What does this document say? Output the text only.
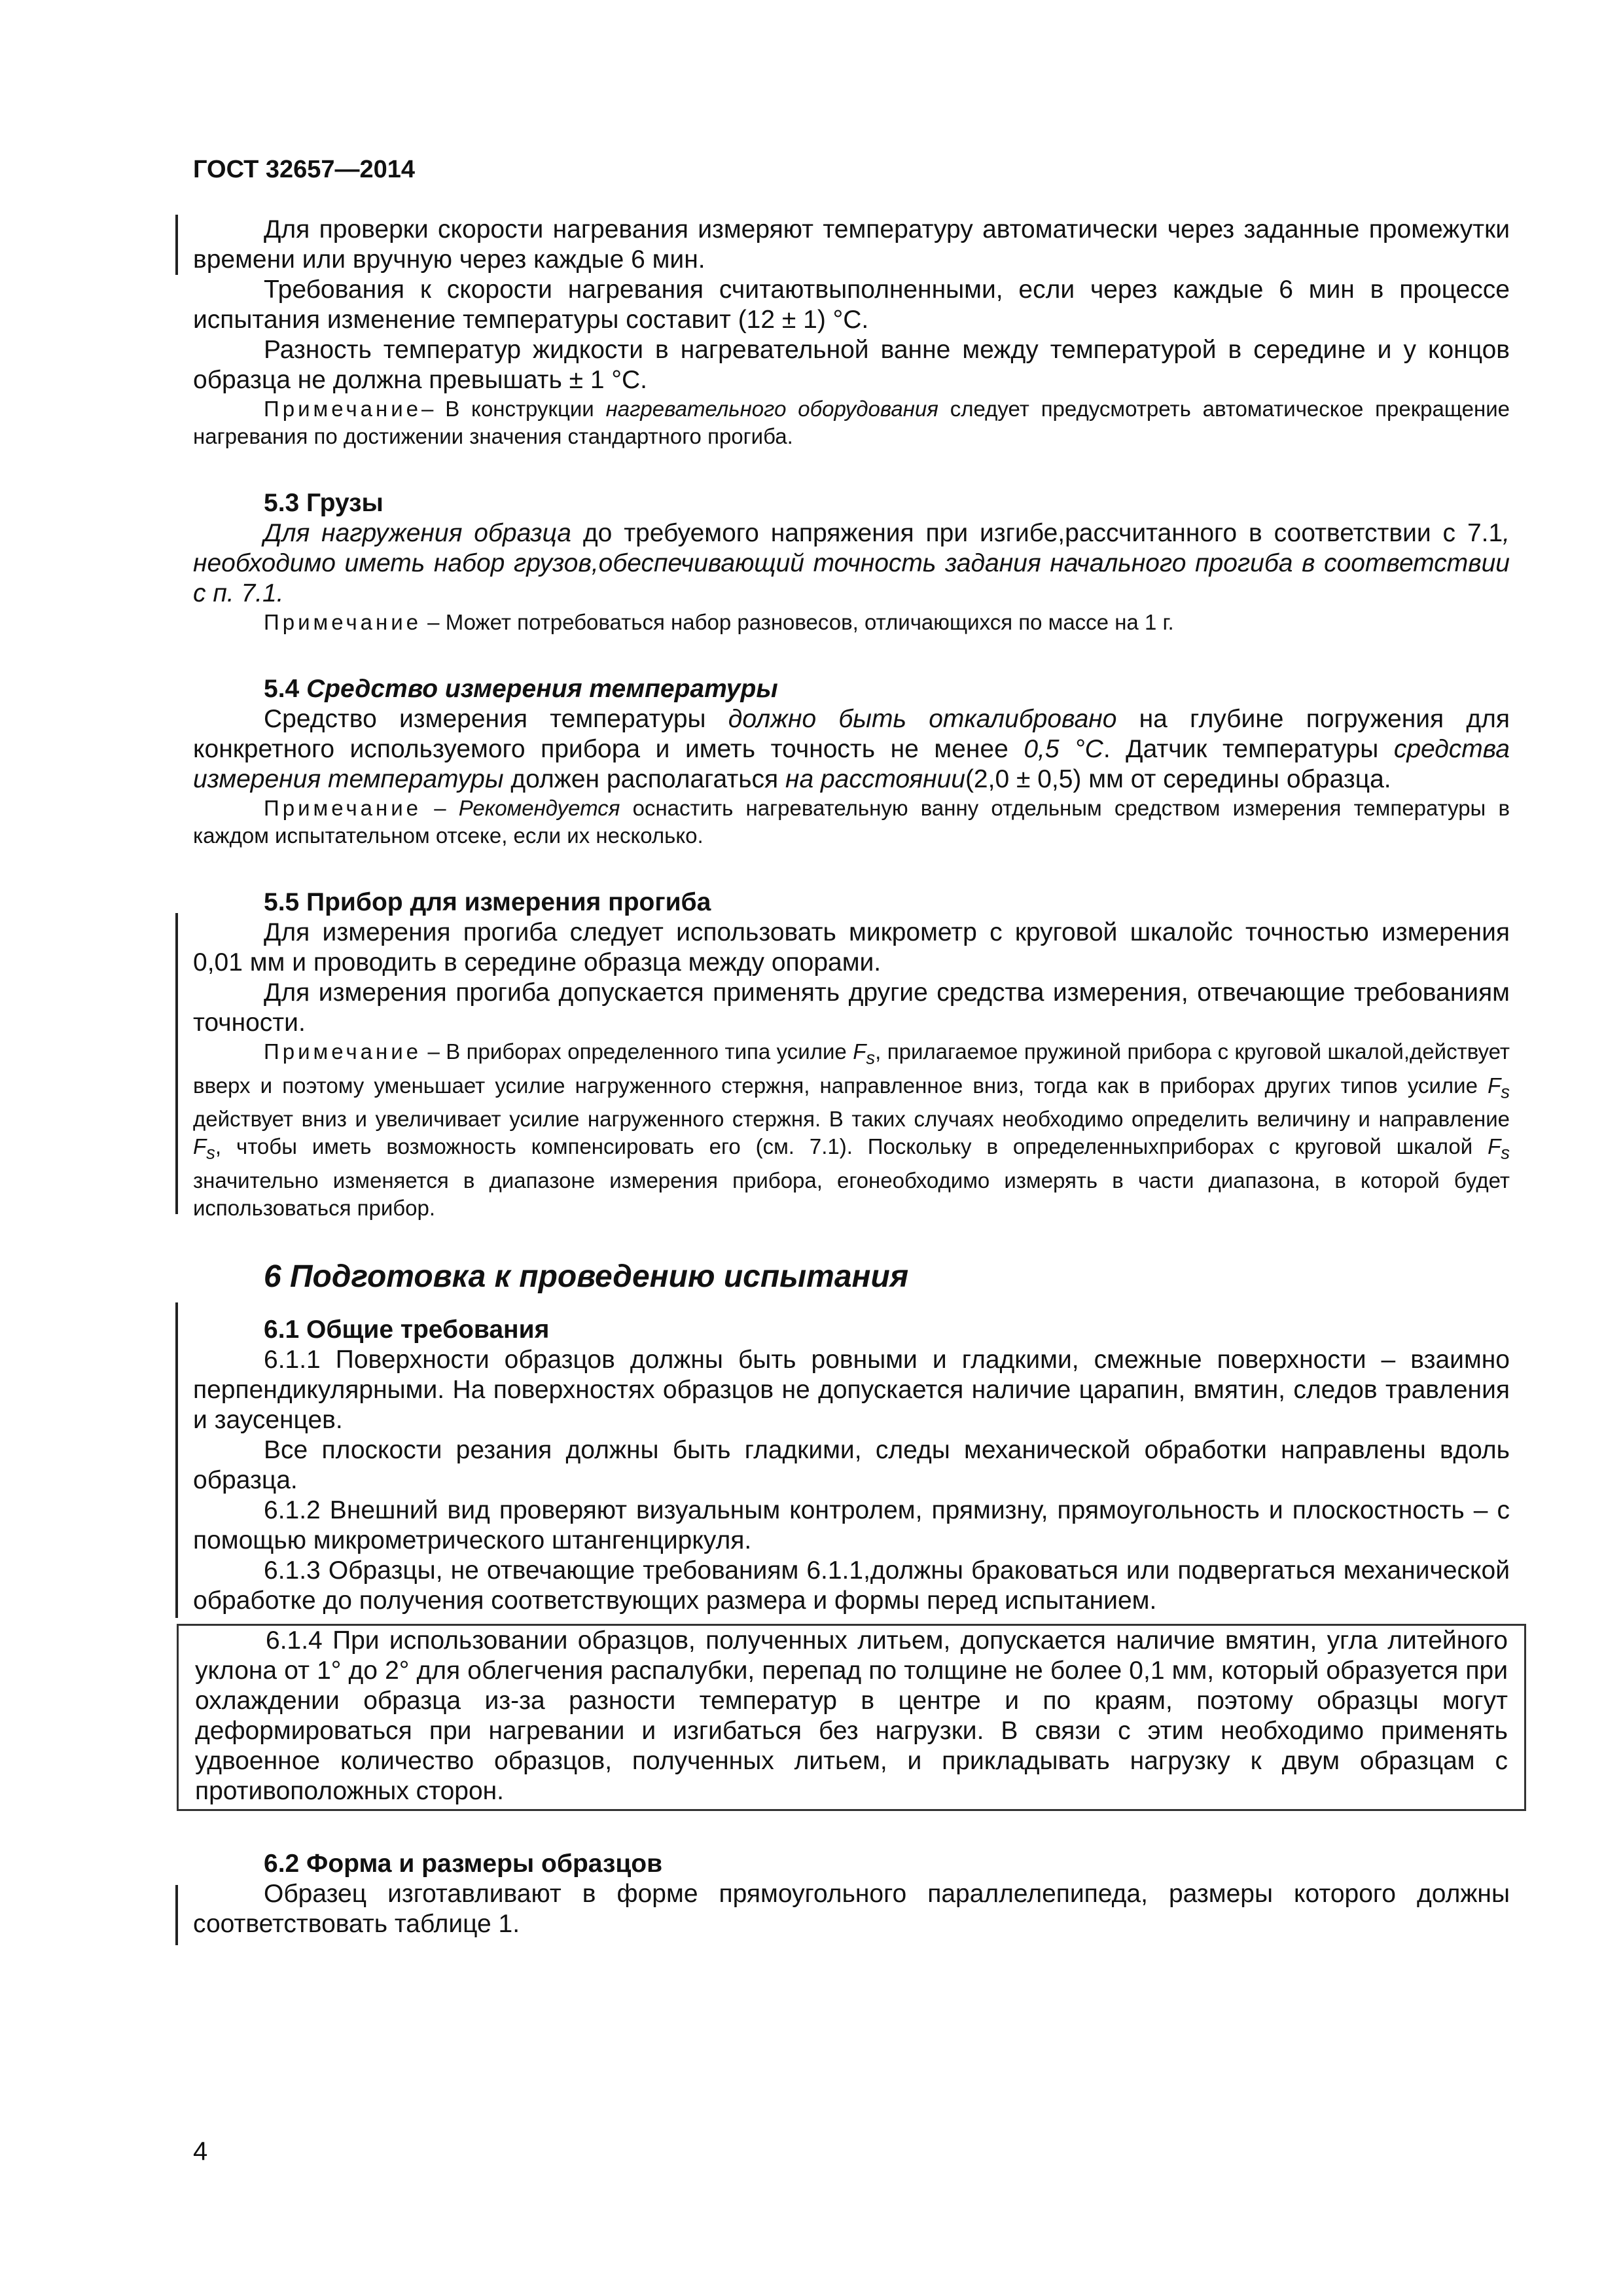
ГОСТ 32657—2014

Для проверки скорости нагревания измеряют температуру автоматически через заданные промежутки времени или вручную через каждые 6 мин.

Требования к скорости нагревания считаютвыполненными, если через каждые 6 мин в процессе испытания изменение температуры составит (12 ± 1) °C.

Разность температур жидкости в нагревательной ванне между температурой в середине и у концов образца не должна превышать ± 1 °C.

Примечание– В конструкции нагревательного оборудования следует предусмотреть автоматическое прекращение нагревания по достижении значения стандартного прогиба.

5.3 Грузы

Для нагружения образца до требуемого напряжения при изгибе,рассчитанного в соответствии с 7.1, необходимо иметь набор грузов,обеспечивающий точность задания начального прогиба в соответствии с п. 7.1.

Примечание – Может потребоваться набор разновесов, отличающихся по массе на 1 г.

5.4 Средство измерения температуры

Средство измерения температуры должно быть откалибровано на глубине погружения для конкретного используемого прибора и иметь точность не менее 0,5 °C. Датчик температуры средства измерения температуры должен располагаться на расстоянии(2,0 ± 0,5) мм от середины образца.

Примечание – Рекомендуется оснастить нагревательную ванну отдельным средством измерения температуры в каждом испытательном отсеке, если их несколько.

5.5 Прибор для измерения прогиба

Для измерения прогиба следует использовать микрометр с круговой шкалойс точностью измерения 0,01 мм и проводить в середине образца между опорами.

Для измерения прогиба допускается применять другие средства измерения, отвечающие требованиям точности.

Примечание – В приборах определенного типа усилие $F_s$, прилагаемое пружиной прибора с круговой шкалой,действует вверх и поэтому уменьшает усилие нагруженного стержня, направленное вниз, тогда как в приборах других типов усилие $F_s$ действует вниз и увеличивает усилие нагруженного стержня. В таких случаях необходимо определить величину и направление $F_s$, чтобы иметь возможность компенсировать его (см. 7.1). Поскольку в определенныхприборах с круговой шкалой $F_s$ значительно изменяется в диапазоне измерения прибора, егонеобходимо измерять в части диапазона, в которой будет использоваться прибор.

6 Подготовка к проведению испытания
6.1 Общие требования

6.1.1 Поверхности образцов должны быть ровными и гладкими, смежные поверхности – взаимно перпендикулярными. На поверхностях образцов не допускается наличие царапин, вмятин, следов травления и заусенцев.

Все плоскости резания должны быть гладкими, следы механической обработки направлены вдоль образца.

6.1.2 Внешний вид проверяют визуальным контролем, прямизну, прямоугольность и плоскостность – с помощью микрометрического штангенциркуля.

6.1.3 Образцы, не отвечающие требованиям 6.1.1,должны браковаться или подвергаться механической обработке до получения соответствующих размера и формы перед испытанием.

6.1.4 При использовании образцов, полученных литьем, допускается наличие вмятин, угла литейного уклона от 1° до 2° для облегчения распалубки, перепад по толщине не более 0,1 мм, который образуется при охлаждении образца из-за разности температур в центре и по краям, поэтому образцы могут деформироваться при нагревании и изгибаться без нагрузки. В связи с этим необходимо применять удвоенное количество образцов, полученных литьем, и прикладывать нагрузку к двум образцам с противоположных сторон.

6.2 Форма и размеры образцов

Образец изготавливают в форме прямоугольного параллелепипеда, размеры которого должны соответствовать таблице 1.

4
